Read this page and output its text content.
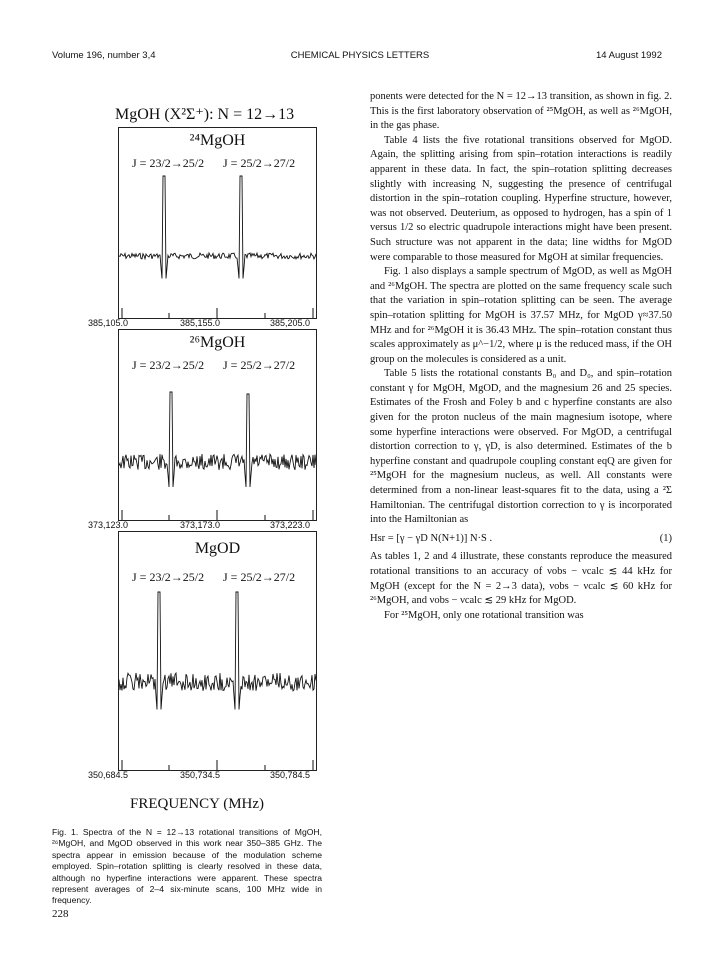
Volume 196, number 3,4	CHEMICAL PHYSICS LETTERS	14 August 1992
MgOH (X²Σ⁺): N = 12→13
²⁴MgOH
J = 23/2→25/2 J = 25/2→27/2
385,105.0	385,155.0	385,205.0
²⁶MgOH
J = 23/2→25/2 J = 25/2→27/2
373,123.0	373,173.0	373,223.0
MgOD
J = 23/2→25/2 J = 25/2→27/2
350,684.5	350,734.5	350,784.5
FREQUENCY (MHz)
Fig. 1. Spectra of the N = 12→13 rotational transitions of MgOH, ²⁶MgOH, and MgOD observed in this work near 350–385 GHz. The spectra appear in emission because of the modulation scheme employed. Spin–rotation splitting is clearly resolved in these data, although no hyperfine interactions were apparent. These spectra represent averages of 2–4 six-minute scans, 100 MHz wide in frequency.

ponents were detected for the N = 12→13 transition, as shown in fig. 2. This is the first laboratory observation of ²⁵MgOH, as well as ²⁶MgOH, in the gas phase.

Table 4 lists the five rotational transitions observed for MgOD. Again, the splitting arising from spin–rotation interactions is readily apparent in these data. In fact, the spin–rotation splitting decreases slightly with increasing N, suggesting the presence of centrifugal distortion in the spin–rotation coupling. Hyperfine structure, however, was not observed. Deuterium, as opposed to hydrogen, has a spin of 1 versus 1/2 so electric quadrupole interactions might have been present. Such structure was not apparent in the data; line widths for MgOD were comparable to those measured for MgOH at similar frequencies.

Fig. 1 also displays a sample spectrum of MgOD, as well as MgOH and ²⁶MgOH. The spectra are plotted on the same frequency scale such that the variation in spin–rotation splitting can be seen. The average spin–rotation splitting for MgOH is 37.57 MHz, for MgOD γ≈37.50 MHz and for ²⁶MgOH it is 36.43 MHz. The spin–rotation constant thus scales approximately as μ^−1/2, where μ is the reduced mass, if the OH group on the molecules is considered as a unit.

Table 5 lists the rotational constants B₀ and D₀, and spin–rotation constant γ for MgOH, MgOD, and the magnesium 26 and 25 species. Estimates of the Frosh and Foley b and c hyperfine constants are also given for the proton nucleus of the main magnesium isotope, where some hyperfine interactions were observed. For MgOD, a centrifugal distortion correction to γ, γD, is also determined. Estimates of the b hyperfine constant and quadrupole coupling constant eqQ are given for ²⁵MgOH for the magnesium nucleus, as well. All constants were determined from a non-linear least-squares fit to the data, using a ²Σ Hamiltonian. The centrifugal distortion correction to γ is incorporated into the Hamiltonian as

Hsr = [γ − γD N(N+1)] N·S .	(1)

As tables 1, 2 and 4 illustrate, these constants reproduce the measured rotational transitions to an accuracy of νobs − νcalc ≲ 44 kHz for MgOH (except for the N = 2→3 data), νobs − νcalc ≲ 60 kHz for ²⁶MgOH, and νobs − νcalc ≲ 29 kHz for MgOD.

For ²⁵MgOH, only one rotational transition was

228
